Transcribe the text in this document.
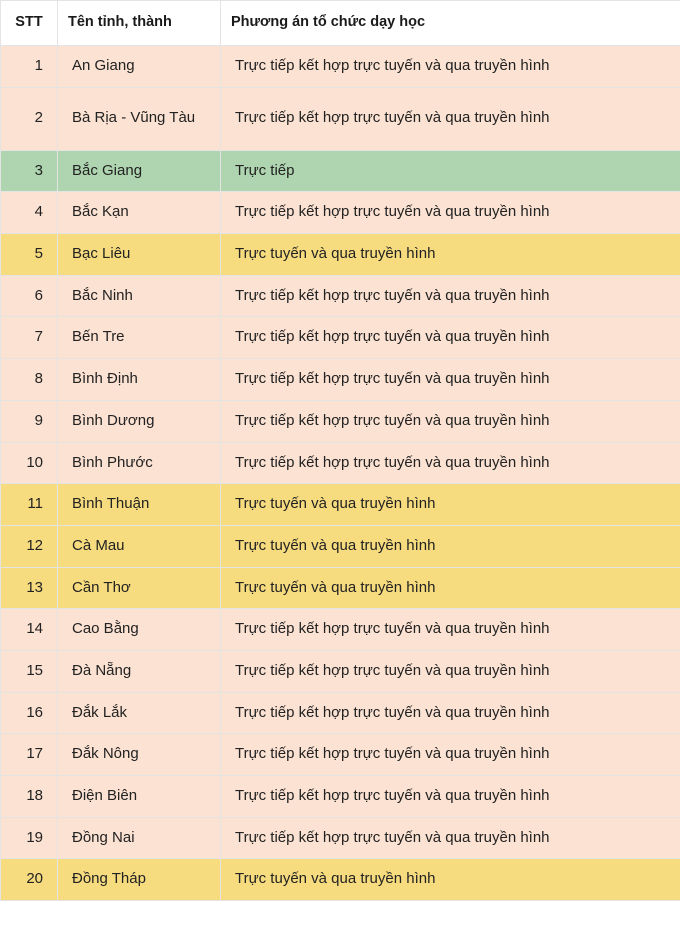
STT	Tên tỉnh, thành	Phương án tổ chức dạy học
1	An Giang	Trực tiếp kết hợp trực tuyến và qua truyền hình
2	Bà Rịa - Vũng Tàu	Trực tiếp kết hợp trực tuyến và qua truyền hình
3	Bắc Giang	Trực tiếp
4	Bắc Kạn	Trực tiếp kết hợp trực tuyến và qua truyền hình
5	Bạc Liêu	Trực tuyến và qua truyền hình
6	Bắc Ninh	Trực tiếp kết hợp trực tuyến và qua truyền hình
7	Bến Tre	Trực tiếp kết hợp trực tuyến và qua truyền hình
8	Bình Định	Trực tiếp kết hợp trực tuyến và qua truyền hình
9	Bình Dương	Trực tiếp kết hợp trực tuyến và qua truyền hình
10	Bình Phước	Trực tiếp kết hợp trực tuyến và qua truyền hình
11	Bình Thuận	Trực tuyến và qua truyền hình
12	Cà Mau	Trực tuyến và qua truyền hình
13	Cần Thơ	Trực tuyến và qua truyền hình
14	Cao Bằng	Trực tiếp kết hợp trực tuyến và qua truyền hình
15	Đà Nẵng	Trực tiếp kết hợp trực tuyến và qua truyền hình
16	Đắk Lắk	Trực tiếp kết hợp trực tuyến và qua truyền hình
17	Đắk Nông	Trực tiếp kết hợp trực tuyến và qua truyền hình
18	Điện Biên	Trực tiếp kết hợp trực tuyến và qua truyền hình
19	Đồng Nai	Trực tiếp kết hợp trực tuyến và qua truyền hình
20	Đồng Tháp	Trực tuyến và qua truyền hình
